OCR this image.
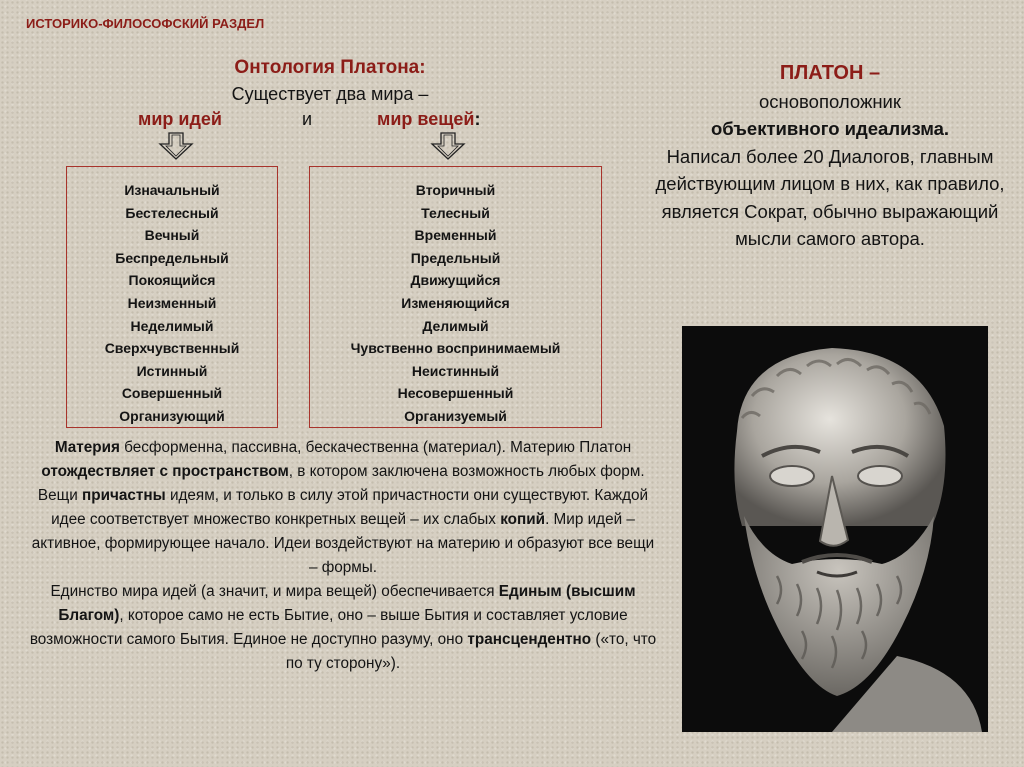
ИСТОРИКО-ФИЛОСОФСКИЙ РАЗДЕЛ
Онтология Платона:
Существует два мира –
мир идей	и	мир вещей:
Изначальный
Бестелесный
Вечный
Беспредельный
Покоящийся
Неизменный
Неделимый
Сверхчувственный
Истинный
Совершенный
Организующий
Вторичный
Телесный
Временный
Предельный
Движущийся
Изменяющийся
Делимый
Чувственно воспринимаемый
Неистинный
Несовершенный
Организуемый

Материя бесформенна, пассивна, бескачественна (материал). Материю Платон отождествляет с пространством, в котором заключена возможность любых форм.

Вещи причастны идеям, и только в силу этой причастности они существуют. Каждой идее соответствует множество конкретных вещей – их слабых копий. Мир идей – активное, формирующее начало. Идеи воздействуют на материю и образуют все вещи – формы.

Единство мира идей (а значит, и мира вещей) обеспечивается Единым (высшим Благом), которое само не есть Бытие, оно – выше Бытия и составляет условие возможности самого Бытия. Единое не доступно разуму, оно трансцендентно («то, что по ту сторону»).

ПЛАТОН –
основоположник
объективного идеализма.
Написал более 20 Диалогов, главным действующим лицом в них, как правило, является Сократ, обычно выражающий мысли самого автора.
